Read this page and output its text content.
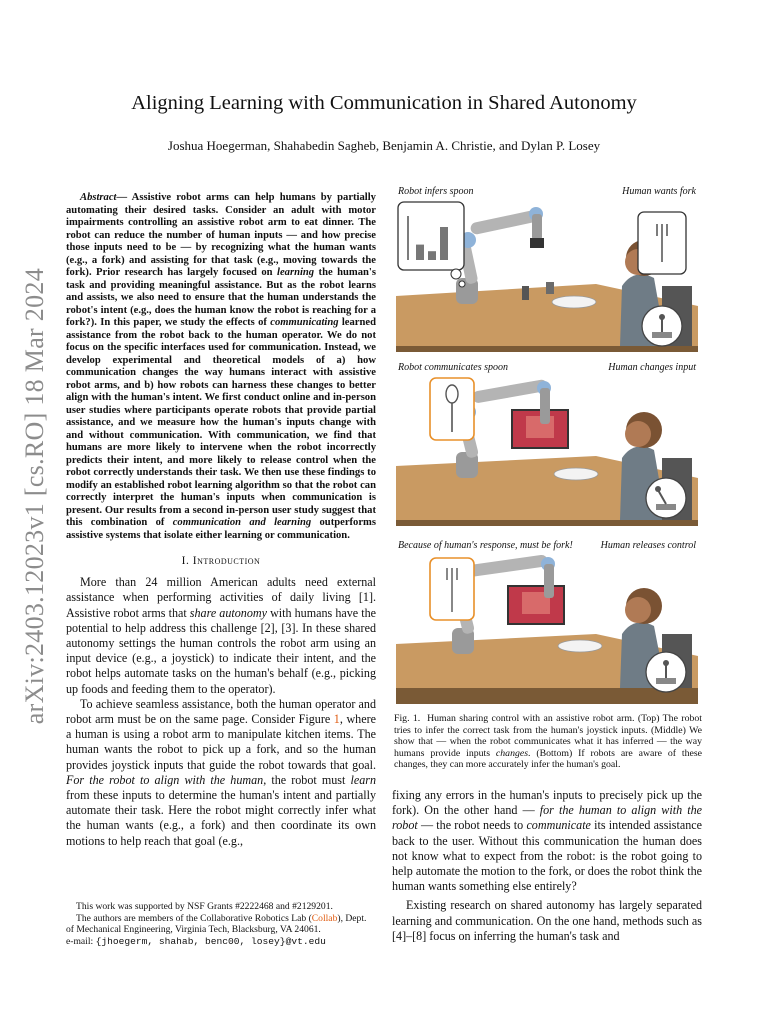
arXiv:2403.12023v1 [cs.RO] 18 Mar 2024
Aligning Learning with Communication in Shared Autonomy
Joshua Hoegerman, Shahabedin Sagheb, Benjamin A. Christie, and Dylan P. Losey

Abstract— Assistive robot arms can help humans by partially automating their desired tasks. Consider an adult with motor impairments controlling an assistive robot arm to eat dinner. The robot can reduce the number of human inputs — and how precise those inputs need to be — by recognizing what the human wants (e.g., a fork) and assisting for that task (e.g., moving towards the fork). Prior research has largely focused on learning the human's task and providing meaningful assistance. But as the robot learns and assists, we also need to ensure that the human understands the robot's intent (e.g., does the human know the robot is reaching for a fork?). In this paper, we study the effects of communicating learned assistance from the robot back to the human operator. We do not focus on the specific interfaces used for communication. Instead, we develop experimental and theoretical models of a) how communication changes the way humans interact with assistive robot arms, and b) how robots can harness these changes to better align with the human's intent. We first conduct online and in-person user studies where participants operate robots that provide partial assistance, and we measure how the human's inputs change with and without communication. With communication, we find that humans are more likely to intervene when the robot incorrectly predicts their intent, and more likely to release control when the robot correctly understands their task. We then use these findings to modify an established robot learning algorithm so that the robot can correctly interpret the human's inputs when communication is present. Our results from a second in-person user study suggest that this combination of communication and learning outperforms assistive systems that isolate either learning or communication.

I. Introduction

More than 24 million American adults need external assistance when performing activities of daily living [1]. Assistive robot arms that share autonomy with humans have the potential to help address this challenge [2], [3]. In these shared autonomy settings the human controls the robot arm using an input device (e.g., a joystick) to indicate their intent, and the robot helps automate tasks on the human's behalf (e.g., picking up foods and feeding them to the operator).

To achieve seamless assistance, both the human operator and robot arm must be on the same page. Consider Figure 1, where a human is using a robot arm to manipulate kitchen items. The human wants the robot to pick up a fork, and so the human provides joystick inputs that guide the robot towards that goal. For the robot to align with the human, the robot must learn from these inputs to determine the human's intent and partially automate their task. Here the robot might correctly infer what the human wants (e.g., a fork) and then coordinate its own motions to help reach that goal (e.g.,

This work was supported by NSF Grants #2222468 and #2129201.

The authors are members of the Collaborative Robotics Lab (Collab), Dept. of Mechanical Engineering, Virginia Tech, Blacksburg, VA 24061.

e-mail: {jhoegerm, shahab, benc00, losey}@vt.edu

Robot infers spoon	Human wants fork
Robot communicates spoon	Human changes input
Because of human's response, must be fork!	Human releases control
Fig. 1. Human sharing control with an assistive robot arm. (Top) The robot tries to infer the correct task from the human's joystick inputs. (Middle) We show that — when the robot communicates what it has inferred — the way humans provide inputs changes. (Bottom) If robots are aware of these changes, they can more accurately infer the human's goal.

fixing any errors in the human's inputs to precisely pick up the fork). On the other hand — for the human to align with the robot — the robot needs to communicate its intended assistance back to the user. Without this communication the human does not know what to expect from the robot: is the robot going to help automate the motion to the fork, or does the robot think the human wants something else entirely?

Existing research on shared autonomy has largely separated learning and communication. On the one hand, methods such as [4]–[8] focus on inferring the human's task and
